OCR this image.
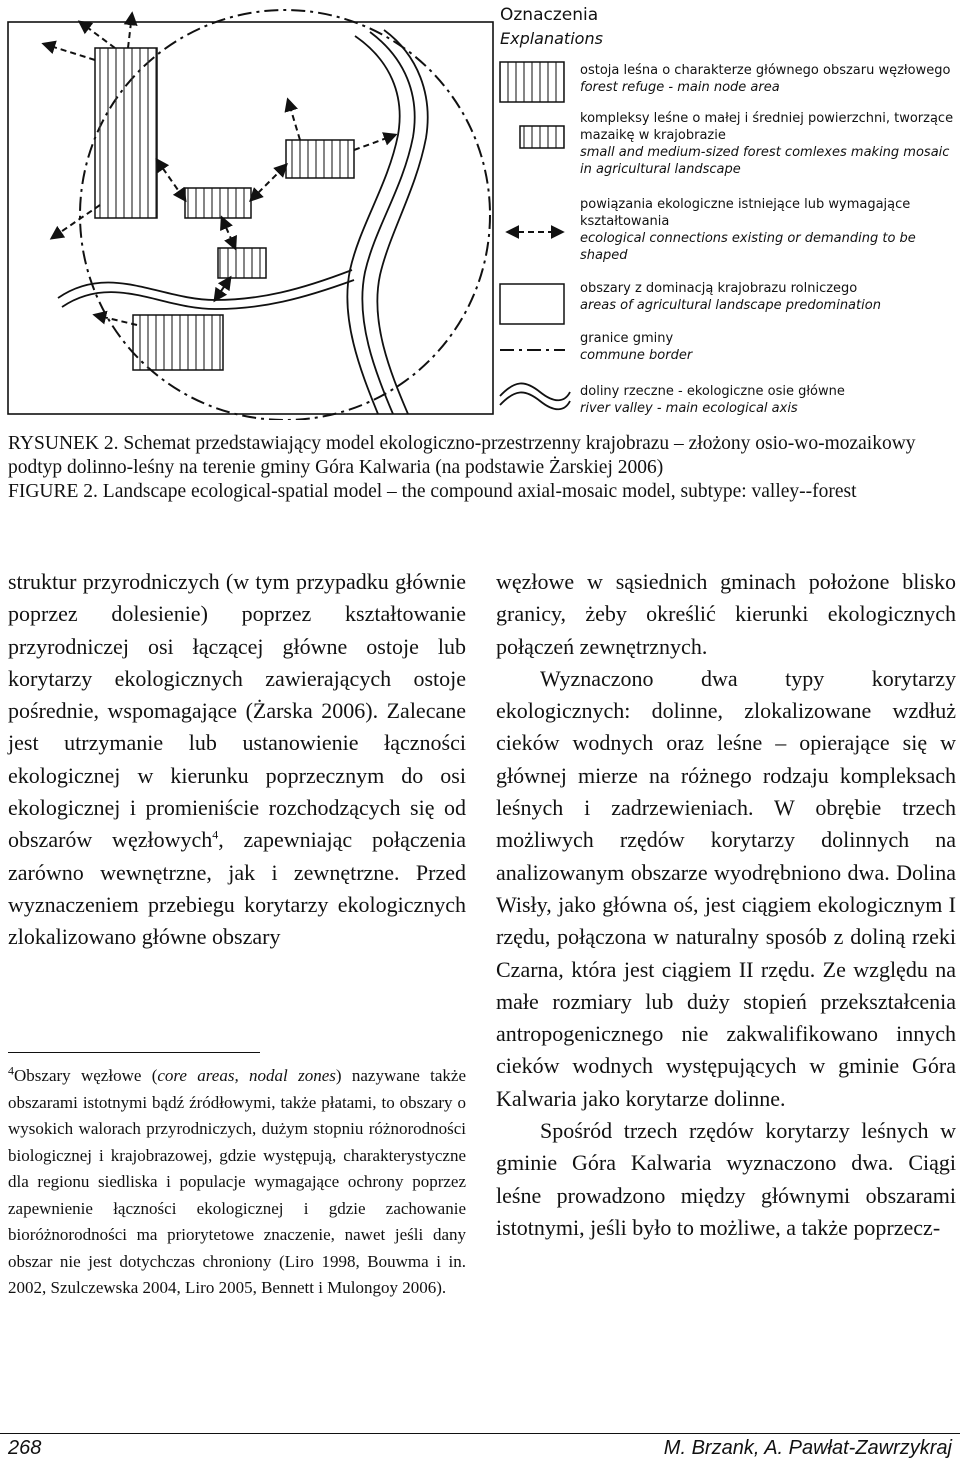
Oznaczenia
Explanations
ostoja leśna o charakterze głównego obszaru węzłowego
forest refuge - main node area
kompleksy leśne o małej i średniej powierzchni, tworzące mazaikę w krajobrazie
small and medium-sized forest comlexes making mosaic in agricultural landscape
powiązania ekologiczne istniejące lub wymagające kształtowania
ecological connections existing or demanding to be shaped
obszary z dominacją krajobrazu rolniczego
areas of agricultural landscape predomination
granice gminy
commune border
doliny rzeczne - ekologiczne osie główne
river valley - main ecological axis
RYSUNEK 2. Schemat przedstawiający model ekologiczno-przestrzenny krajobrazu – złożony osio-wo-mozaikowy podtyp dolinno-leśny na terenie gminy Góra Kalwaria (na podstawie Żarskiej 2006)
FIGURE 2. Landscape ecological-spatial model – the compound axial-mosaic model, subtype: valley--forest

struktur przyrodniczych (w tym przypadku głównie poprzez dolesienie) poprzez kształtowanie przyrodniczej osi łączącej główne ostoje lub korytarzy ekologicznych zawierających ostoje pośrednie, wspomagające (Żarska 2006). Zalecane jest utrzymanie lub ustanowienie łączności ekologicznej w kierunku poprzecznym do osi ekologicznej i promieniście rozchodzących się od obszarów węzłowych$^4$, zapewniając połączenia zarówno wewnętrzne, jak i zewnętrzne. Przed wyznaczeniem przebiegu korytarzy ekologicznych zlokalizowano główne obszary

$^4$Obszary węzłowe (core areas, nodal zones) nazywane także obszarami istotnymi bądź źródłowymi, także płatami, to obszary o wysokich walorach przyrodniczych, dużym stopniu różnorodności biologicznej i krajobrazowej, gdzie występują, charakterystyczne dla regionu siedliska i populacje wymagające ochrony poprzez zapewnienie łączności ekologicznej i gdzie zachowanie bioróżnorodności ma priorytetowe znaczenie, nawet jeśli dany obszar nie jest dotychczas chroniony (Liro 1998, Bouwma i in. 2002, Szulczewska 2004, Liro 2005, Bennett i Mulongoy 2006).

węzłowe w sąsiednich gminach położone blisko granicy, żeby określić kierunki ekologicznych połączeń zewnętrznych.

Wyznaczono dwa typy korytarzy ekologicznych: dolinne, zlokalizowane wzdłuż cieków wodnych oraz leśne – opierające się w głównej mierze na różnego rodzaju kompleksach leśnych i zadrzewieniach. W obrębie trzech możliwych rzędów korytarzy dolinnych na analizowanym obszarze wyodrębniono dwa. Dolina Wisły, jako główna oś, jest ciągiem ekologicznym I rzędu, połączona w naturalny sposób z doliną rzeki Czarna, która jest ciągiem II rzędu. Ze względu na małe rozmiary lub duży stopień przekształcenia antropogenicznego nie zakwalifikowano innych cieków wodnych występujących w gminie Góra Kalwaria jako korytarze dolinne.

Spośród trzech rzędów korytarzy leśnych w gminie Góra Kalwaria wyznaczono dwa. Ciągi leśne prowadzono między głównymi obszarami istotnymi, jeśli było to możliwe, a także poprzecz-

268	M. Brzank, A. Pawłat-Zawrzykraj
